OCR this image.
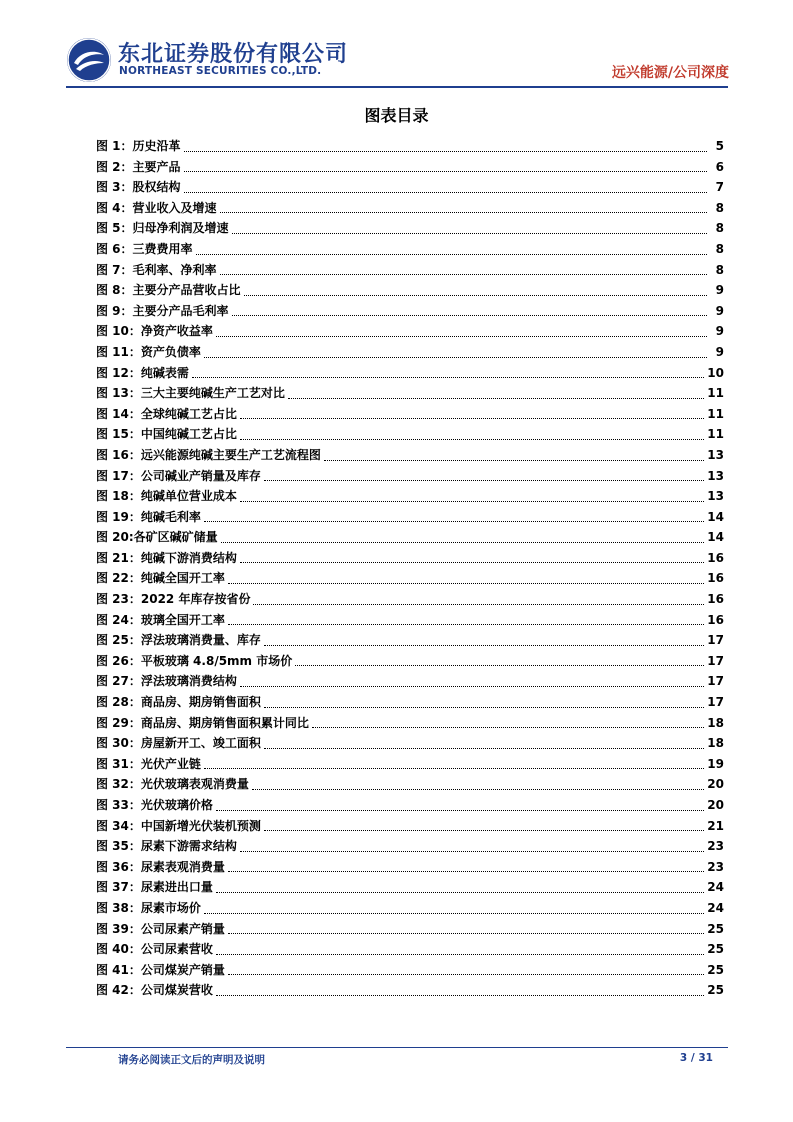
东北证券股份有限公司
NORTHEAST SECURITIES CO.,LTD.	远兴能源/公司深度
图表目录
图 1：历史沿革	5
图 2：主要产品	6
图 3：股权结构	7
图 4：营业收入及增速	8
图 5：归母净利润及增速	8
图 6：三费费用率	8
图 7：毛利率、净利率	8
图 8：主要分产品营收占比	9
图 9：主要分产品毛利率	9
图 10：净资产收益率	9
图 11：资产负债率	9
图 12：纯碱表需	10
图 13：三大主要纯碱生产工艺对比	11
图 14：全球纯碱工艺占比	11
图 15：中国纯碱工艺占比	11
图 16：远兴能源纯碱主要生产工艺流程图	13
图 17：公司碱业产销量及库存	13
图 18：纯碱单位营业成本	13
图 19：纯碱毛利率	14
图 20:各矿区碱矿储量	14
图 21：纯碱下游消费结构	16
图 22：纯碱全国开工率	16
图 23：2022 年库存按省份	16
图 24：玻璃全国开工率	16
图 25：浮法玻璃消费量、库存	17
图 26：平板玻璃 4.8/5mm 市场价	17
图 27：浮法玻璃消费结构	17
图 28：商品房、期房销售面积	17
图 29：商品房、期房销售面积累计同比	18
图 30：房屋新开工、竣工面积	18
图 31：光伏产业链	19
图 32：光伏玻璃表观消费量	20
图 33：光伏玻璃价格	20
图 34：中国新增光伏装机预测	21
图 35：尿素下游需求结构	23
图 36：尿素表观消费量	23
图 37：尿素进出口量	24
图 38：尿素市场价	24
图 39：公司尿素产销量	25
图 40：公司尿素营收	25
图 41：公司煤炭产销量	25
图 42：公司煤炭营收	25
请务必阅读正文后的声明及说明	3 / 31
